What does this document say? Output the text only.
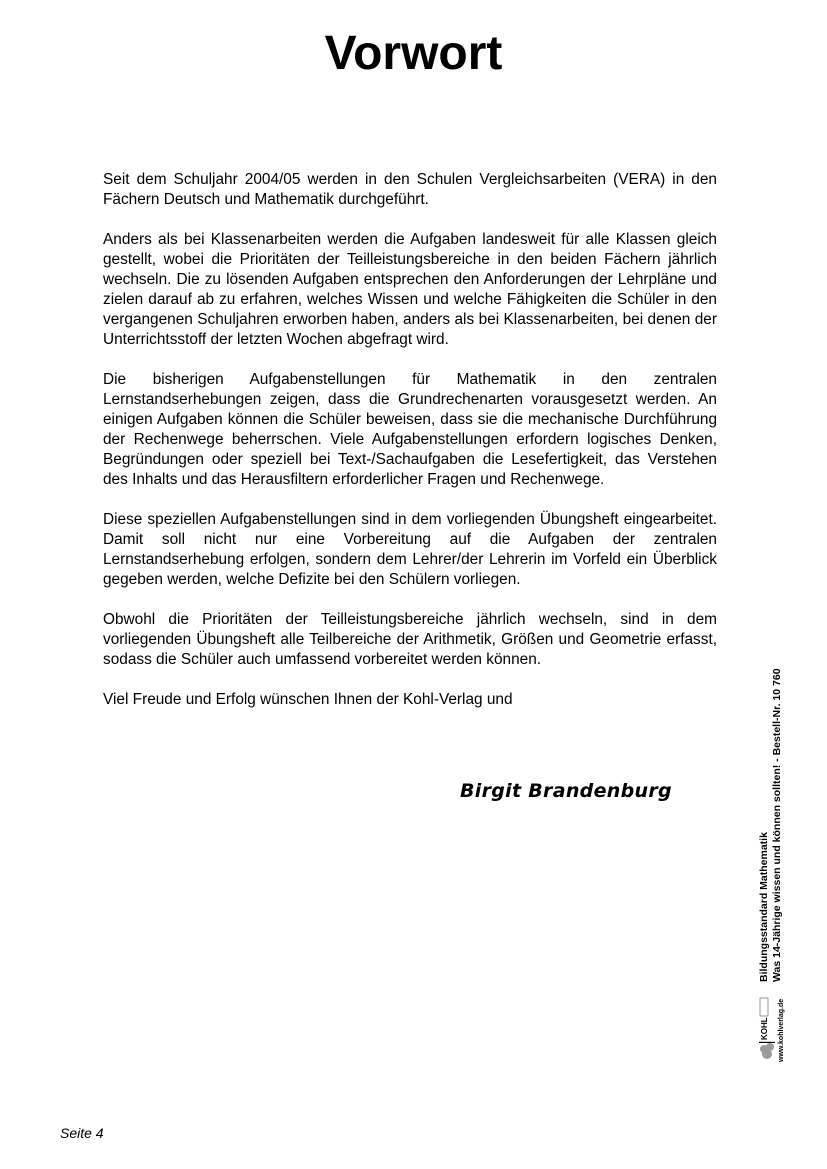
Vorwort

Seit dem Schuljahr 2004/05 werden in den Schulen Vergleichsarbeiten (VERA) in den Fächern Deutsch und Mathematik durchgeführt.

Anders als bei Klassenarbeiten werden die Aufgaben landesweit für alle Klassen gleich gestellt, wobei die Prioritäten der Teilleistungsbereiche in den beiden Fächern jährlich wechseln. Die zu lösenden Aufgaben entsprechen den Anforderungen der Lehrpläne und zielen darauf ab zu erfahren, welches Wissen und welche Fähigkeiten die Schüler in den vergangenen Schuljahren erworben haben, anders als bei Klassenarbeiten, bei denen der Unterrichtsstoff der letzten Wochen abgefragt wird.

Die bisherigen Aufgabenstellungen für Mathematik in den zentralen Lernstandserhebungen zeigen, dass die Grundrechenarten vorausgesetzt werden. An einigen Aufgaben können die Schüler beweisen, dass sie die mechanische Durchführung der Rechenwege beherrschen. Viele Aufgabenstellungen erfordern logisches Denken, Begründungen oder speziell bei Text-/Sachaufgaben die Lesefertigkeit, das Verstehen des Inhalts und das Herausfiltern erforderlicher Fragen und Rechenwege.

Diese speziellen Aufgabenstellungen sind in dem vorliegenden Übungsheft eingearbeitet. Damit soll nicht nur eine Vorbereitung auf die Aufgaben der zentralen Lernstandserhebung erfolgen, sondern dem Lehrer/der Lehrerin im Vorfeld ein Überblick gegeben werden, welche Defizite bei den Schülern vorliegen.

Obwohl die Prioritäten der Teilleistungsbereiche jährlich wechseln, sind in dem vorliegenden Übungsheft alle Teilbereiche der Arithmetik, Größen und Geometrie erfasst, sodass die Schüler auch umfassend vorbereitet werden können.

Viel Freude und Erfolg wünschen Ihnen der Kohl-Verlag und

Birgit Brandenburg
Seite 4
KOHL	www.kohlverlag.de
Bildungsstandard Mathematik Was 14-Jährige wissen und können sollten! - Bestell-Nr. 10 760
